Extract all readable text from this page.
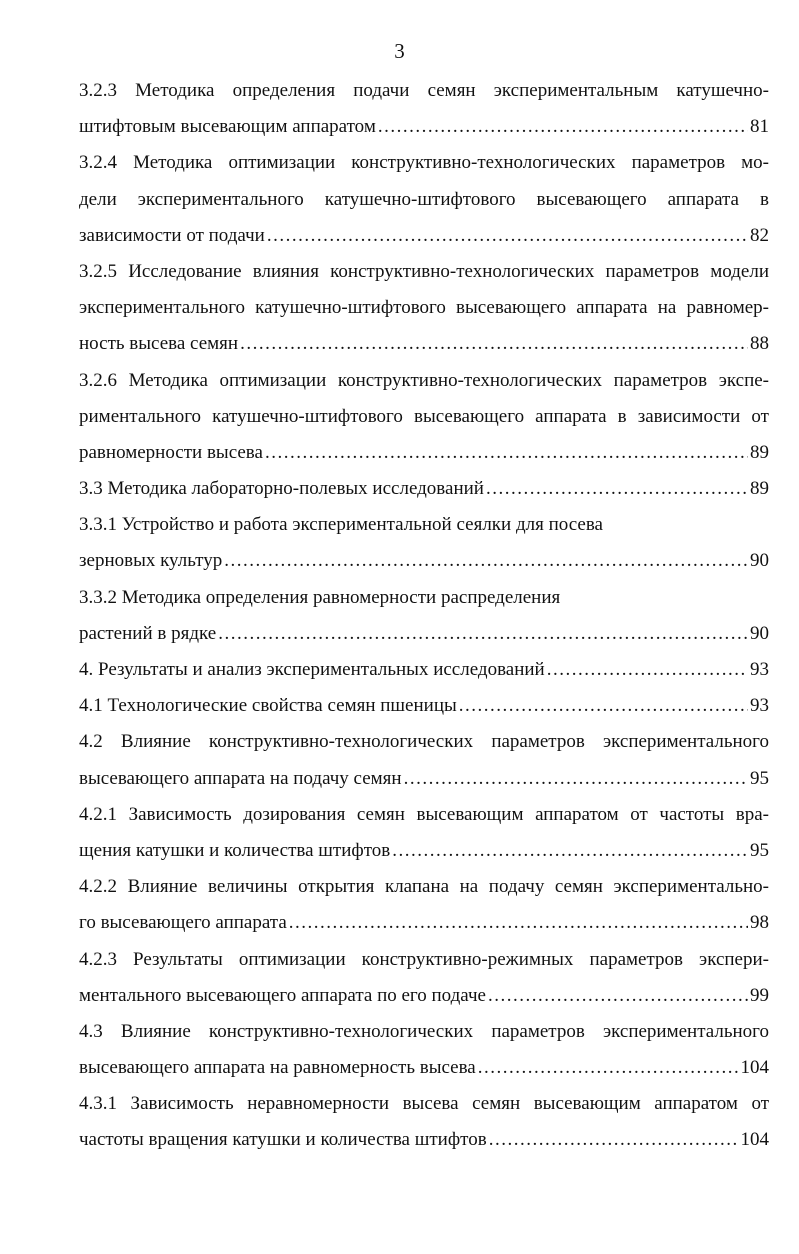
3
3.2.3 Методика определения подачи семян экспериментальным катушечно-
штифтовым высевающим аппаратом .....	81
3.2.4 Методика оптимизации конструктивно-технологических параметров мо-
дели экспериментального катушечно-штифтового высевающего аппарата в
зависимости от подачи .....	82
3.2.5 Исследование влияния конструктивно-технологических параметров модели
экспериментального катушечно-штифтового высевающего аппарата на равномер-
ность высева семян .....	88
3.2.6 Методика оптимизации конструктивно-технологических параметров экспе-
риментального катушечно-штифтового высевающего аппарата в зависимости от
равномерности высева .....	89
3.3 Методика лабораторно-полевых исследований .....	89
3.3.1 Устройство и работа экспериментальной сеялки для посева
зерновых культур .....	90
3.3.2 Методика определения равномерности распределения
растений в рядке .....	90
4. Результаты и анализ экспериментальных исследований .....	93
4.1 Технологические свойства семян пшеницы .....	93
4.2 Влияние конструктивно-технологических параметров экспериментального
высевающего аппарата на подачу семян .....	95
4.2.1 Зависимость дозирования семян высевающим аппаратом от частоты вра-
щения катушки и количества штифтов .....	95
4.2.2 Влияние величины открытия клапана на подачу семян экспериментально-
го высевающего аппарата .....	98
4.2.3 Результаты оптимизации конструктивно-режимных параметров экспери-
ментального высевающего аппарата по его подаче .....	99
4.3 Влияние конструктивно-технологических параметров экспериментального
высевающего аппарата на равномерность высева .....	104
4.3.1 Зависимость неравномерности высева семян высевающим аппаратом от
частоты вращения катушки и количества штифтов .....	104
